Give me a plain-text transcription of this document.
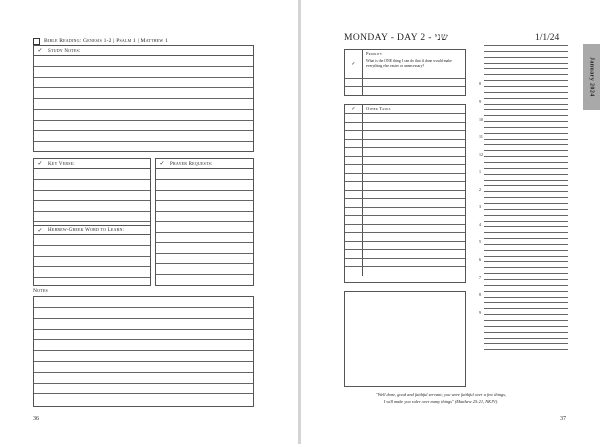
Bible Reading: Genesis 1-2 | Psalm 1 | Matthew 1
✓	Study Notes:
✓	Key Verse:
✓	Hebrew-Greek Word to Learn:
✓	Prayer Requests:
Notes
36
MONDAY - DAY 2 - שני	1/1/24
January 2024
✓
Priority
What is the ONE thing I can do that if done would make everything else easier or unnecessary?
✓	Other Tasks
8
9
10
11
12
1
2
3
4
5
6
7
8
9
"Well done, good and faithful servant; you were faithful over a few things,
I will make you ruler over many things" (Matthew 25:21, NKJV).
37
